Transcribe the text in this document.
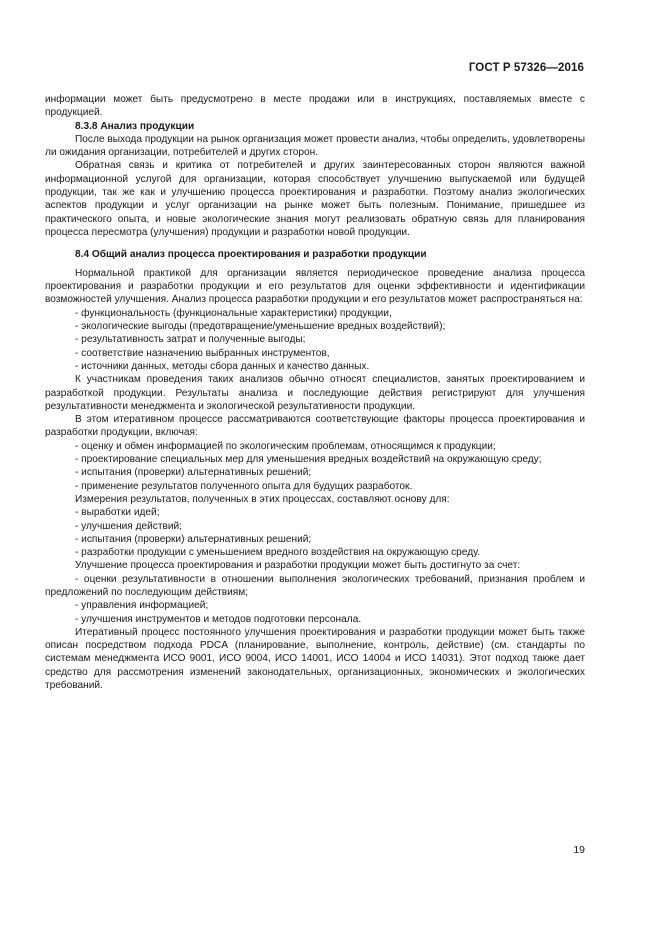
ГОСТ Р 57326—2016

информации может быть предусмотрено в месте продажи или в инструкциях, поставляемых вместе с продукцией.

8.3.8 Анализ продукции

После выхода продукции на рынок организация может провести анализ, чтобы определить, удовлетворены ли ожидания организации, потребителей и других сторон.

Обратная связь и критика от потребителей и других заинтересованных сторон являются важной информационной услугой для организации, которая способствует улучшению выпускаемой или будущей продукции, так же как и улучшению процесса проектирования и разработки. Поэтому анализ экологических аспектов продукции и услуг организации на рынке может быть полезным. Понимание, пришедшее из практического опыта, и новые экологические знания могут реализовать обратную связь для планирования процесса пересмотра (улучшения) продукции и разработки новой продукции.

8.4 Общий анализ процесса проектирования и разработки продукции

Нормальной практикой для организации является периодическое проведение анализа процесса проектирования и разработки продукции и его результатов для оценки эффективности и идентификации возможностей улучшения. Анализ процесса разработки продукции и его результатов может распространяться на:

- функциональность (функциональные характеристики) продукции,

- экологические выгоды (предотвращение/уменьшение вредных воздействий);

- результативность затрат и полученные выгоды;

- соответствие назначению выбранных инструментов,

- источники данных, методы сбора данных и качество данных.

К участникам проведения таких анализов обычно относят специалистов, занятых проектированием и разработкой продукции. Результаты анализа и последующие действия регистрируют для улучшения результативности менеджмента и экологической результативности продукции.

В этом итеративном процессе рассматриваются соответствующие факторы процесса проектирования и разработки продукции, включая:

- оценку и обмен информацией по экологическим проблемам, относящимся к продукции;

- проектирование специальных мер для уменьшения вредных воздействий на окружающую среду;

- испытания (проверки) альтернативных решений;

- применение результатов полученного опыта для будущих разработок.

Измерения результатов, полученных в этих процессах, составляют основу для:

- выработки идей;

- улучшения действий;

- испытания (проверки) альтернативных решений;

- разработки продукции с уменьшением вредного воздействия на окружающую среду.

Улучшение процесса проектирования и разработки продукции может быть достигнуто за счет:

- оценки результативности в отношении выполнения экологических требований, признания проблем и предложений по последующим действиям;

- управления информацией;

- улучшения инструментов и методов подготовки персонала.

Итеративный процесс постоянного улучшения проектирования и разработки продукции может быть также описан посредством подхода PDCA (планирование, выполнение, контроль, действие) (см. стандарты по системам менеджмента ИСО 9001, ИСО 9004, ИСО 14001, ИСО 14004 и ИСО 14031). Этот подход также дает средство для рассмотрения изменений законодательных, организационных, экономических и экологических требований.

19
